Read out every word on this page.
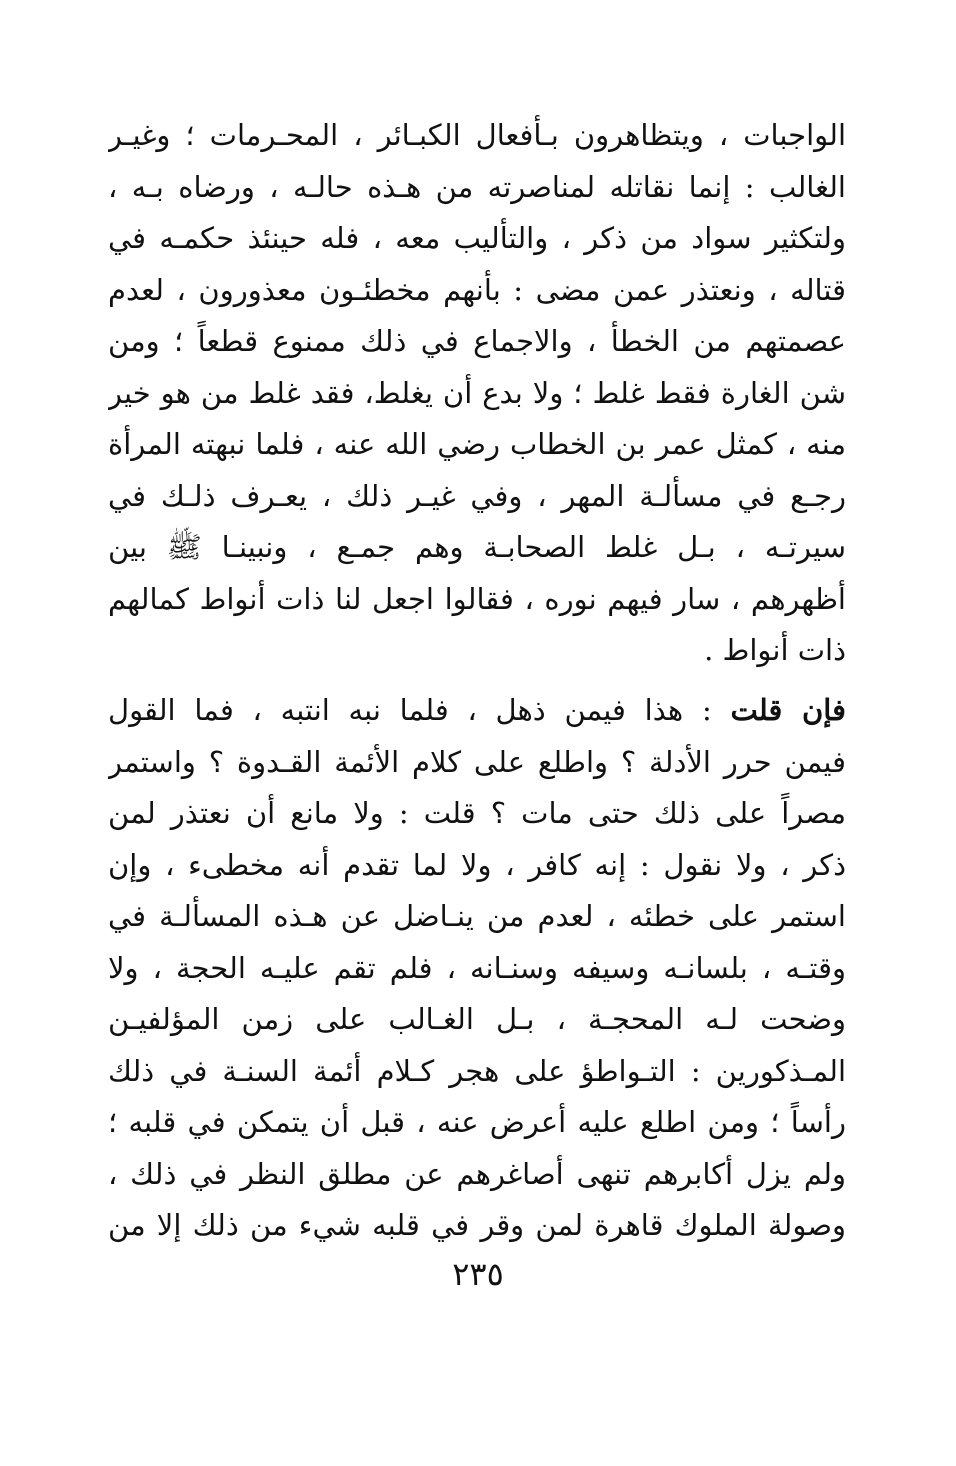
الواجبات ، ويتظاهرون بـأفعال الكبـائر ، المحـرمات ؛ وغيـر
الغالب : إنما نقاتله لمناصرته من هـذه حالـه ، ورضاه بـه ،
ولتكثير سواد من ذكر ، والتأليب معه ، فله حينئذ حكمـه في
قتاله ، ونعتذر عمن مضى : بأنهم مخطئـون معذورون ، لعدم
عصمتهم من الخطأ ، والاجماع في ذلك ممنوع قطعاً ؛ ومن
شن الغارة فقط غلط ؛ ولا بدع أن يغلط، فقد غلط من هو خير
منه ، كمثل عمر بن الخطاب رضي الله عنه ، فلما نبهته المرأة
رجـع في مسألـة المهر ، وفي غيـر ذلك ، يعـرف ذلـك في
سيرتـه ، بـل غلط الصحابـة وهم جمـع ، ونبينـا ﷺ بين
أظهرهم ، سار فيهم نوره ، فقالوا اجعل لنا ذات أنواط كمالهم
ذات أنواط .
فإن قلت : هذا فيمن ذهل ، فلما نبه انتبه ، فما القول
فيمن حرر الأدلة ؟ واطلع على كلام الأئمة القـدوة ؟ واستمر
مصراً على ذلك حتى مات ؟ قلت : ولا مانع أن نعتذر لمن
ذكر ، ولا نقول : إنه كافر ، ولا لما تقدم أنه مخطىء ، وإن
استمر على خطئه ، لعدم من ينـاضل عن هـذه المسألـة في
وقتـه ، بلسانـه وسيفه وسنـانه ، فلم تقم عليـه الحجة ، ولا
وضحت لـه المحجـة ، بـل الغـالب على زمن المؤلفيـن
المـذكورين : التـواطؤ على هجر كـلام أئمة السنـة في ذلك
رأساً ؛ ومن اطلع عليه أعرض عنه ، قبل أن يتمكن في قلبه ؛
ولم يزل أكابرهم تنهى أصاغرهم عن مطلق النظر في ذلك ،
وصولة الملوك قاهرة لمن وقر في قلبه شيء من ذلك إلا من
٢٣٥
